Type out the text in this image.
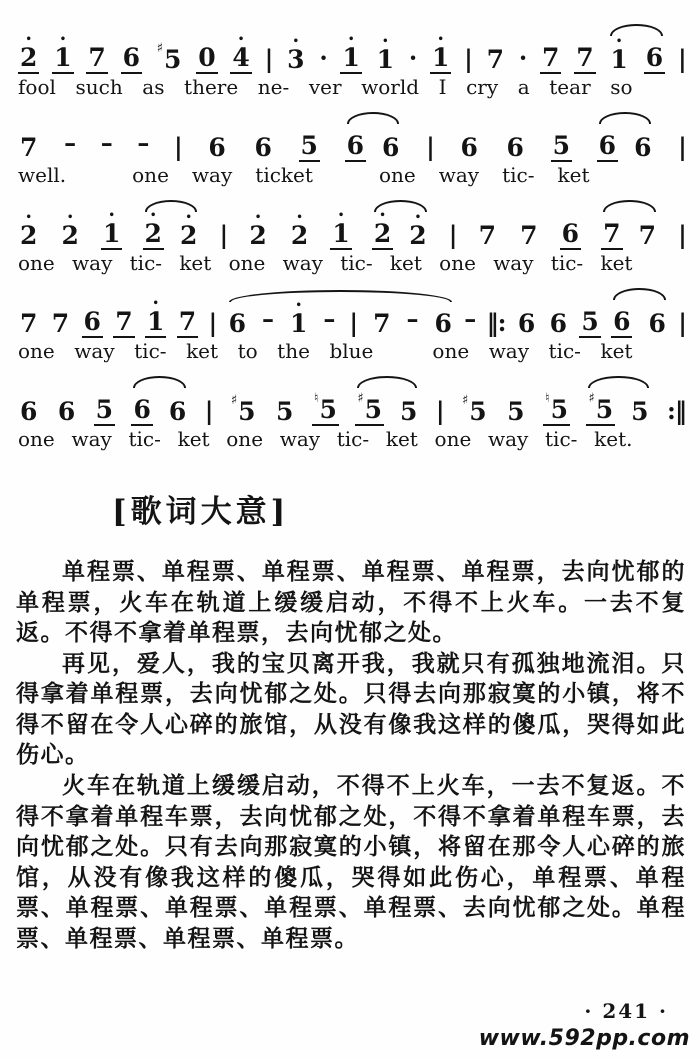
•
2
•
1 7 6 ♯ 5 0
•
4 |
•
3 ·
•
1
•
1 ·
•
1 | 7 · 7 7
•
1 6 |
fool such as there ne- ver world I cry a tear so
7 – – – | 6 6 5 6 6 | 6 6 5 6 6 |
well.	one way ticket	one way tic- ket
•
2
•
2
•
1
•
2
•
2 |
•
2
•
2
•
1
•
2
•
2 | 7 7 6 7 7 |
one way tic- ket one way tic- ket one way tic- ket
7 7 6 7
•
1 7 | 6 – •
1 – | 7 – 6 – ‖: 6 6 5 6 6 |
one way tic- ket to the blue	one way tic- ket
6 6 5 6 6 | ♯ 5 5 ♮ 5 ♯ 5 5 | ♯ 5 5 ♮ 5 ♯ 5 5 :‖
one way tic- ket one way tic- ket one way tic- ket.
[歌词大意]

单程票、单程票、单程票、单程票、单程票，去向忧郁的单程票，火车在轨道上缓缓启动，不得不上火车。一去不复返。不得不拿着单程票，去向忧郁之处。

再见，爱人，我的宝贝离开我，我就只有孤独地流泪。只得拿着单程票，去向忧郁之处。只得去向那寂寞的小镇，将不得不留在令人心碎的旅馆，从没有像我这样的傻瓜，哭得如此伤心。

火车在轨道上缓缓启动，不得不上火车，一去不复返。不得不拿着单程车票，去向忧郁之处，不得不拿着单程车票，去向忧郁之处。只有去向那寂寞的小镇，将留在那令人心碎的旅馆，从没有像我这样的傻瓜，哭得如此伤心，单程票、单程票、单程票、单程票、单程票、单程票、去向忧郁之处。单程票、单程票、单程票、单程票。

· 241 ·
www.592pp.com
